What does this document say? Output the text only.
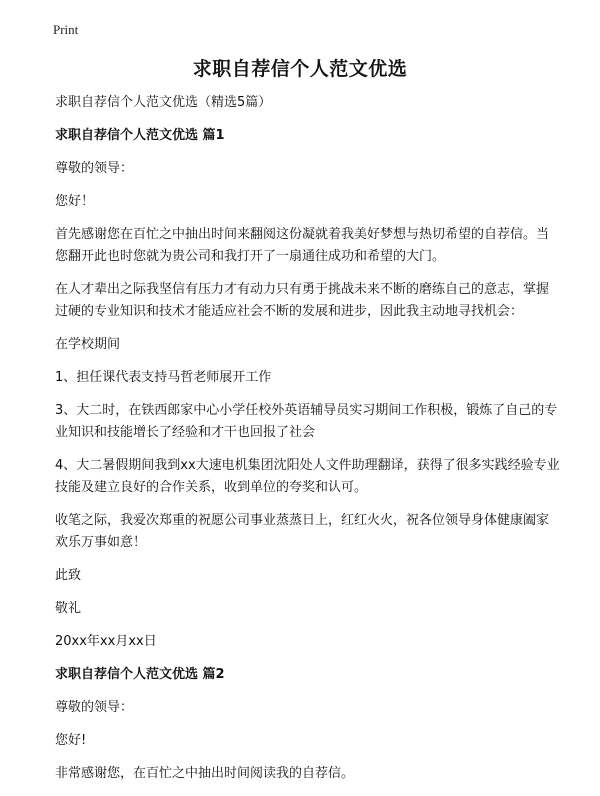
Print
求职自荐信个人范文优选

求职自荐信个人范文优选（精选5篇）

求职自荐信个人范文优选 篇1

尊敬的领导：

您好！

首先感谢您在百忙之中抽出时间来翻阅这份凝就着我美好梦想与热切希望的自荐信。当您翻开此也时您就为贵公司和我打开了一扇通往成功和希望的大门。

在人才辈出之际我坚信有压力才有动力只有勇于挑战未来不断的磨练自己的意志，掌握过硬的专业知识和技术才能适应社会不断的发展和进步，因此我主动地寻找机会：

在学校期间

1、担任课代表支持马哲老师展开工作

3、大二时，在铁西郎家中心小学任校外英语辅导员实习期间工作积极，锻炼了自己的专业知识和技能增长了经验和才干也回报了社会

4、大二暑假期间我到xx大速电机集团沈阳处人文件助理翻译，获得了很多实践经验专业技能及建立良好的合作关系，收到单位的夸奖和认可。

收笔之际，我爱次郑重的祝愿公司事业蒸蒸日上，红红火火，祝各位领导身体健康阖家欢乐万事如意！

此致

敬礼

20xx年xx月xx日

求职自荐信个人范文优选 篇2

尊敬的领导：

您好!

非常感谢您，在百忙之中抽出时间阅读我的自荐信。
